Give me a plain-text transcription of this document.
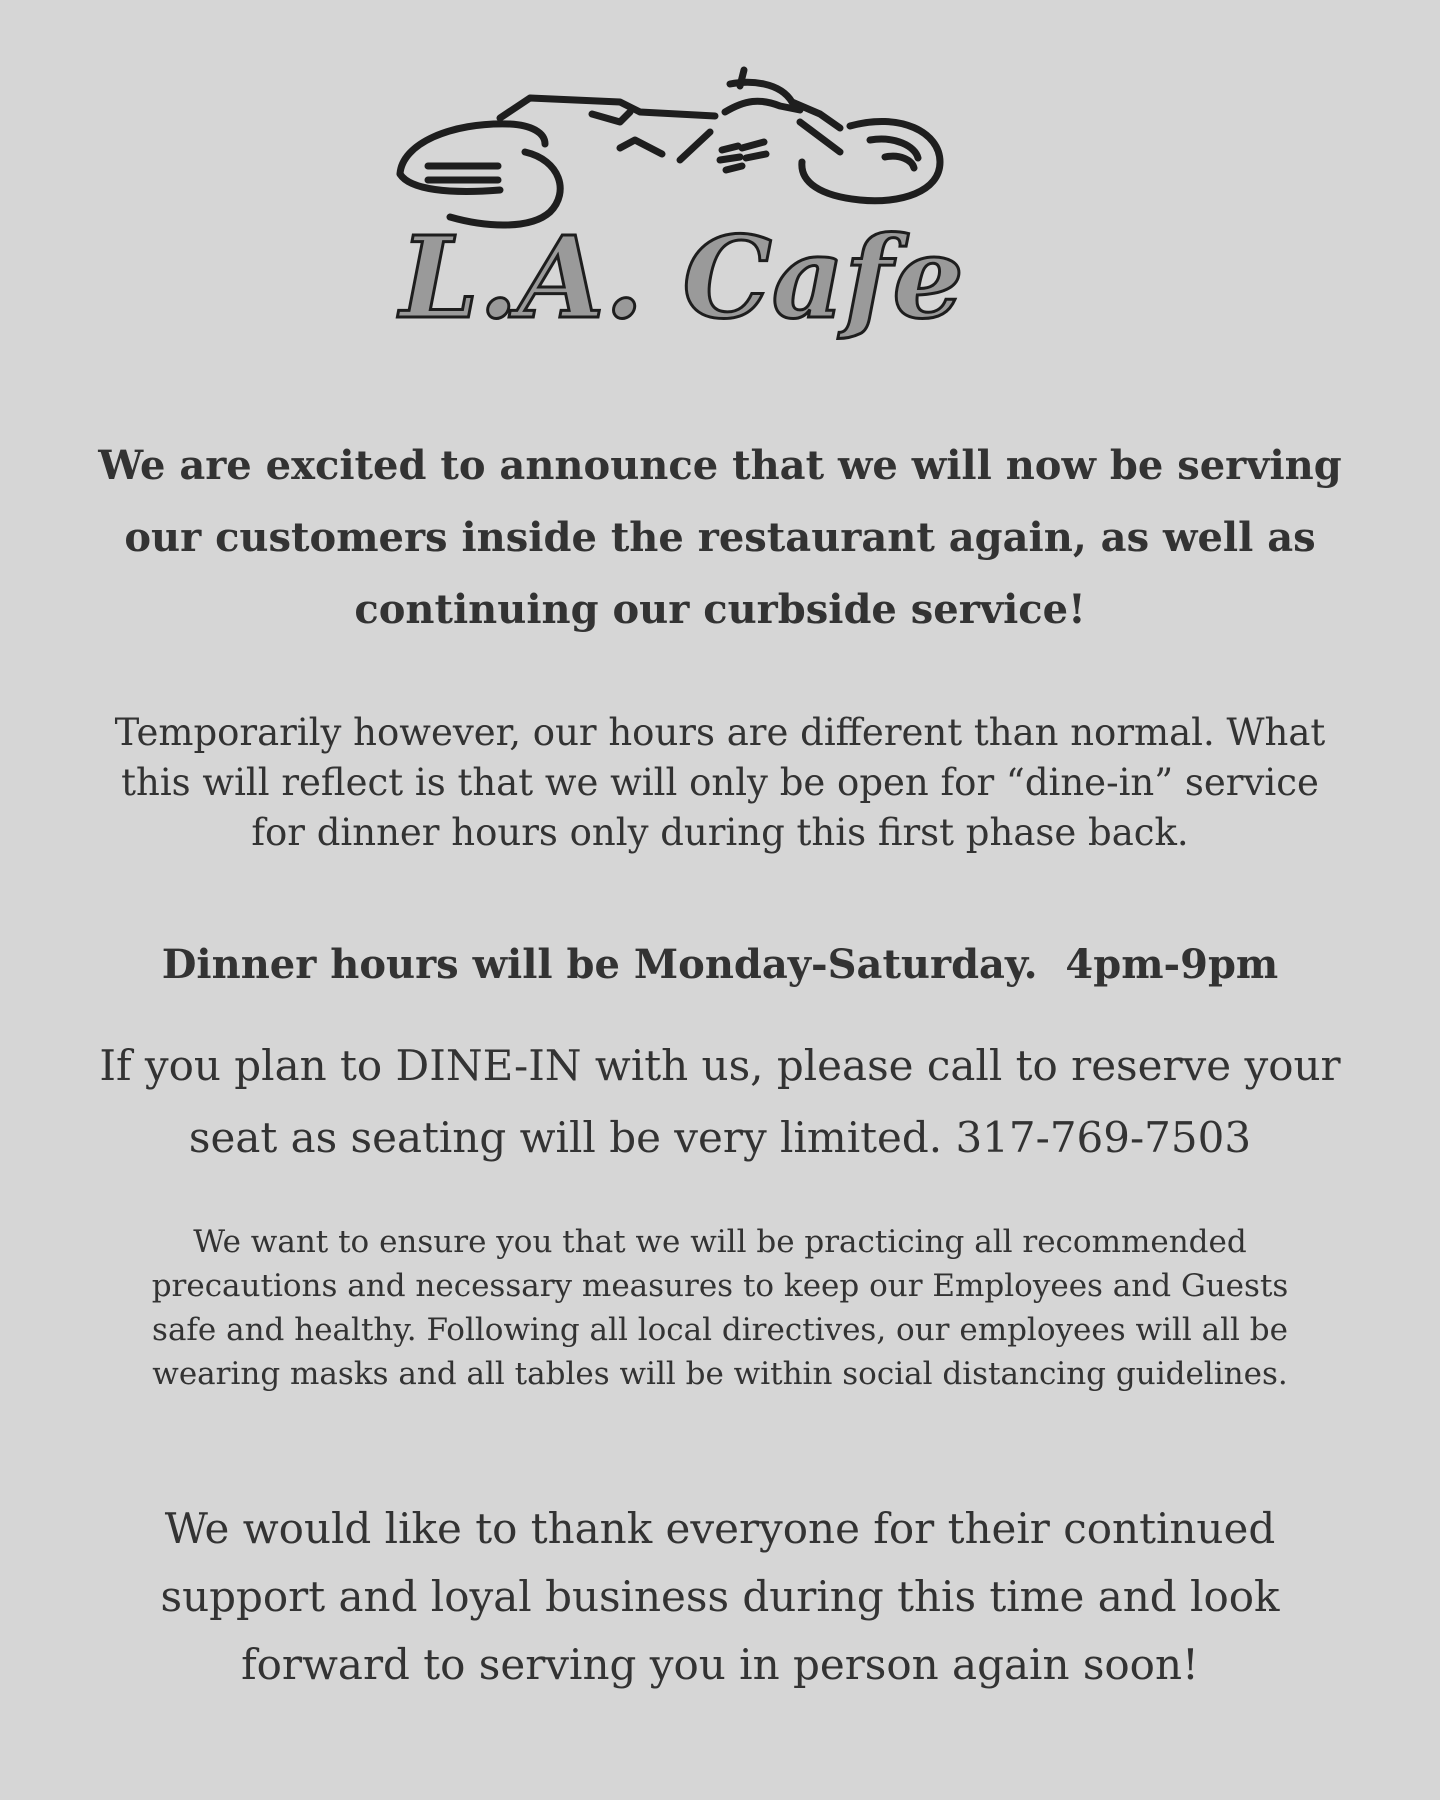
L.A. Cafe
We are excited to announce that we will now be serving
our customers inside the restaurant again, as well as
continuing our curbside service!
Temporarily however, our hours are different than normal. What
this will reflect is that we will only be open for “dine-in” service
for dinner hours only during this first phase back.
Dinner hours will be Monday-Saturday.  4pm-9pm
If you plan to DINE-IN with us, please call to reserve your
seat as seating will be very limited. 317-769-7503
We want to ensure you that we will be practicing all recommended
precautions and necessary measures to keep our Employees and Guests
safe and healthy. Following all local directives, our employees will all be
wearing masks and all tables will be within social distancing guidelines.
We would like to thank everyone for their continued
support and loyal business during this time and look
forward to serving you in person again soon!
